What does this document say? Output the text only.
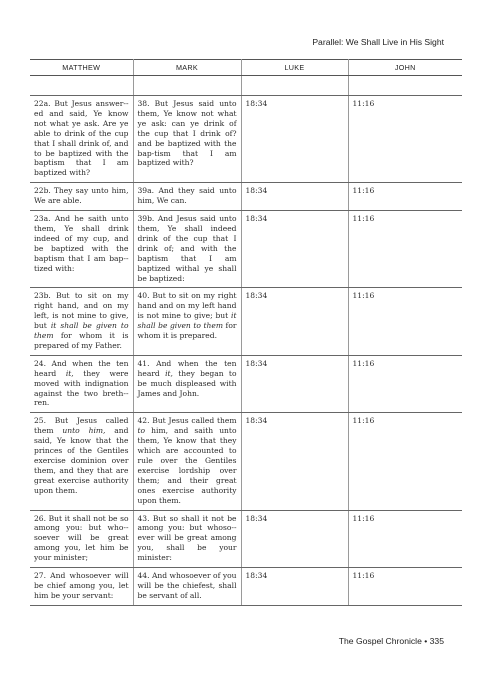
Parallel: We Shall Live in His Sight
MATTHEW	MARK	LUKE	JOHN

22a. But Jesus answer-ed and said, Ye know not what ye ask. Are ye able to drink of the cup that I shall drink of, and to be baptized with the baptism that I am baptized with?	38. But Jesus said unto them, Ye know not what ye ask: can ye drink of the cup that I drink of? and be baptized with the bap-tism that I am baptized with?	18:34	11:16
22b. They say unto him, We are able.	39a. And they said unto him, We can.	18:34	11:16
23a. And he saith unto them, Ye shall drink indeed of my cup, and be baptized with the baptism that I am bap-tized with:	39b. And Jesus said unto them, Ye shall indeed drink of the cup that I drink of; and with the baptism that I am baptized withal ye shall be baptized:	18:34	11:16
23b. But to sit on my right hand, and on my left, is not mine to give, but it shall be given to them for whom it is prepared of my Father.	40. But to sit on my right hand and on my left hand is not mine to give; but it shall be given to them for whom it is prepared.	18:34	11:16
24. And when the ten heard it, they were moved with indignation against the two breth-ren.	41. And when the ten heard it, they began to be much displeased with James and John.	18:34	11:16
25. But Jesus called them unto him, and said, Ye know that the princes of the Gentiles exercise dominion over them, and they that are great exercise authority upon them.	42. But Jesus called them to him, and saith unto them, Ye know that they which are accounted to rule over the Gentiles exercise lordship over them; and their great ones exercise authority upon them.	18:34	11:16
26. But it shall not be so among you: but who-soever will be great among you, let him be your minister;	43. But so shall it not be among you: but whoso-ever will be great among you, shall be your minister:	18:34	11:16
27. And whosoever will be chief among you, let him be your servant:	44. And whosoever of you will be the chiefest, shall be servant of all.	18:34	11:16
The Gospel Chronicle • 335
